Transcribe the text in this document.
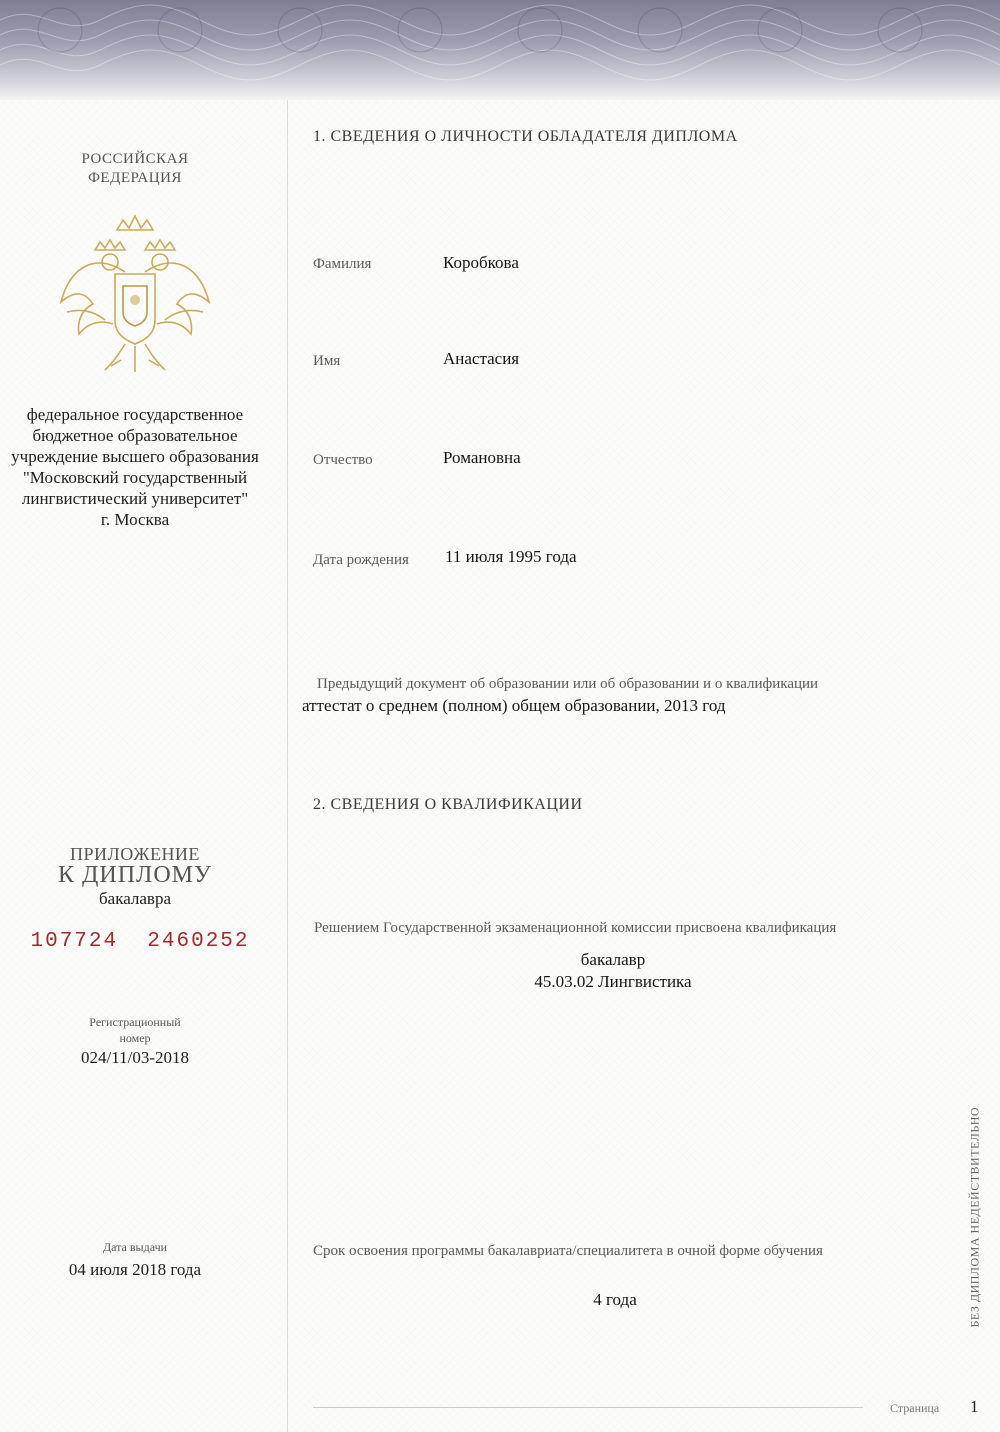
РОССИЙСКАЯ
ФЕДЕРАЦИЯ
федеральное государственное
бюджетное образовательное
учреждение высшего образования
"Московский государственный
лингвистический университет"
г. Москва
ПРИЛОЖЕНИЕ
К ДИПЛОМУ
бакалавра
107724  2460252
Регистрационный
номер
024/11/03-2018
Дата выдачи
04 июля 2018 года
1. СВЕДЕНИЯ О ЛИЧНОСТИ ОБЛАДАТЕЛЯ ДИПЛОМА
Фамилия	Коробкова
Имя	Анастасия
Отчество	Романовна
Дата рождения 11 июля 1995 года
Предыдущий документ об образовании или об образовании и о квалификации
аттестат о среднем (полном) общем образовании, 2013 год
2. СВЕДЕНИЯ О КВАЛИФИКАЦИИ
Решением Государственной экзаменационной комиссии присвоена квалификация
бакалавр
45.03.02 Лингвистика
Срок освоения программы бакалавриата/специалитета в очной форме обучения
4 года	БЕЗ ДИПЛОМА НЕДЕЙСТВИТЕЛЬНО
Страница 1
